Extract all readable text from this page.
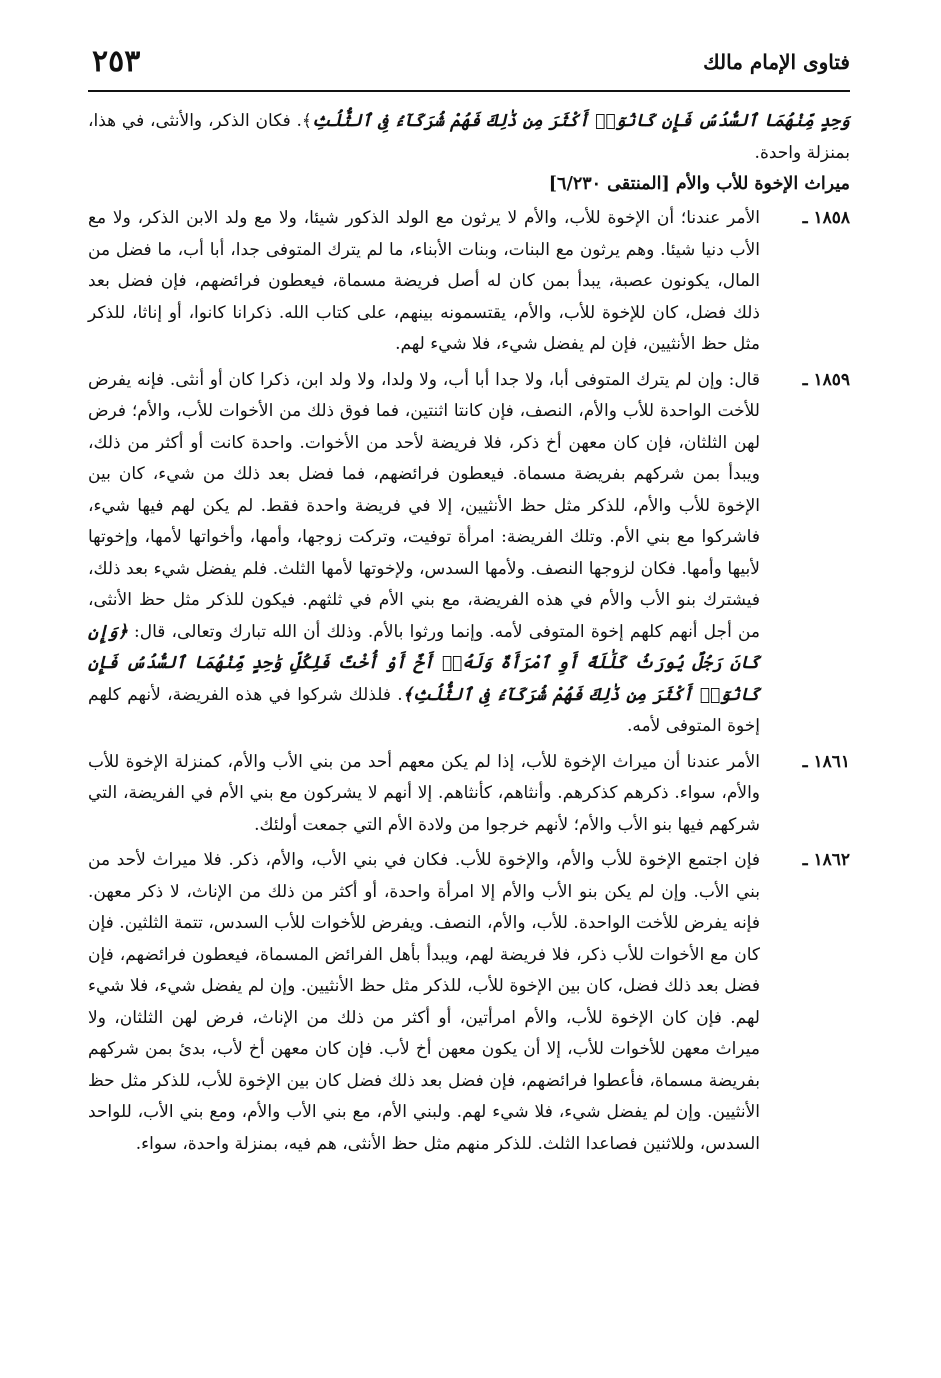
فتاوى الإمام مالك
٢٥٣

وَحِدٍ مِّنْهُمَا ٱلسُّدُسُ فَإِن كَانُوٓا۟ أَكْثَرَ مِن ذَٰلِكَ فَهُمْ شُرَكَآءُ فِى ٱلثُّلُثِ﴾. فكان الذكر، والأنثى، في هذا، بمنزلة واحدة.

ميراث الإخوة للأب والأم [المنتقى ٦/٢٣٠]

١٨٥٨ ـ

الأمر عندنا؛ أن الإخوة للأب، والأم لا يرثون مع الولد الذكور شيئا، ولا مع ولد الابن الذكر، ولا مع الأب دنيا شيئا. وهم يرثون مع البنات، وبنات الأبناء، ما لم يترك المتوفى جدا، أبا أب، ما فضل من المال، يكونون عصبة، يبدأ بمن كان له أصل فريضة مسماة، فيعطون فرائضهم، فإن فضل بعد ذلك فضل، كان للإخوة للأب، والأم، يقتسمونه بينهم، على كتاب الله. ذكرانا كانوا، أو إناثا، للذكر مثل حظ الأنثيين، فإن لم يفضل شيء، فلا شيء لهم.

١٨٥٩ ـ

قال: وإن لم يترك المتوفى أبا، ولا جدا أبا أب، ولا ولدا، ولا ولد ابن، ذكرا كان أو أنثى. فإنه يفرض للأخت الواحدة للأب والأم، النصف، فإن كانتا اثنتين، فما فوق ذلك من الأخوات للأب، والأم؛ فرض لهن الثلثان، فإن كان معهن أخ ذكر، فلا فريضة لأحد من الأخوات. واحدة كانت أو أكثر من ذلك، ويبدأ بمن شركهم بفريضة مسماة. فيعطون فرائضهم، فما فضل بعد ذلك من شيء، كان بين الإخوة للأب والأم، للذكر مثل حظ الأنثيين، إلا في فريضة واحدة فقط. لم يكن لهم فيها شيء، فاشركوا مع بني الأم. وتلك الفريضة: امرأة توفيت، وتركت زوجها، وأمها، وأخواتها لأمها، وإخوتها لأبيها وأمها. فكان لزوجها النصف. ولأمها السدس، ولإخوتها لأمها الثلث. فلم يفضل شيء بعد ذلك، فيشترك بنو الأب والأم في هذه الفريضة، مع بني الأم في ثلثهم. فيكون للذكر مثل حظ الأنثى، من أجل أنهم كلهم إخوة المتوفى لأمه. وإنما ورثوا بالأم. وذلك أن الله تبارك وتعالى، قال: ﴿وَإِن كَانَ رَجُلٌ يُورَثُ كَلَٰلَةً أَوِ ٱمْرَأَةٌ وَلَهُۥٓ أَخٌ أَوْ أُخْتٌ فَلِكُلِّ وَٰحِدٍ مِّنْهُمَا ٱلسُّدُسُ فَإِن كَانُوٓا۟ أَكْثَرَ مِن ذَٰلِكَ فَهُمْ شُرَكَآءُ فِى ٱلثُّلُثِ﴾. فلذلك شركوا في هذه الفريضة، لأنهم كلهم إخوة المتوفى لأمه.

١٨٦١ ـ

الأمر عندنا أن ميراث الإخوة للأب، إذا لم يكن معهم أحد من بني الأب والأم، كمنزلة الإخوة للأب والأم، سواء. ذكرهم كذكرهم. وأنثاهم، كأنثاهم. إلا أنهم لا يشركون مع بني الأم في الفريضة، التي شركهم فيها بنو الأب والأم؛ لأنهم خرجوا من ولادة الأم التي جمعت أولئك.

١٨٦٢ ـ

فإن اجتمع الإخوة للأب والأم، والإخوة للأب. فكان في بني الأب، والأم، ذكر. فلا ميراث لأحد من بني الأب. وإن لم يكن بنو الأب والأم إلا امرأة واحدة، أو أكثر من ذلك من الإناث، لا ذكر معهن. فإنه يفرض للأخت الواحدة. للأب، والأم، النصف. ويفرض للأخوات للأب السدس، تتمة الثلثين. فإن كان مع الأخوات للأب ذكر، فلا فريضة لهم، ويبدأ بأهل الفرائض المسماة، فيعطون فرائضهم، فإن فضل بعد ذلك فضل، كان بين الإخوة للأب، للذكر مثل حظ الأنثيين. وإن لم يفضل شيء، فلا شيء لهم. فإن كان الإخوة للأب، والأم امرأتين، أو أكثر من ذلك من الإناث، فرض لهن الثلثان، ولا ميراث معهن للأخوات للأب، إلا أن يكون معهن أخ لأب. فإن كان معهن أخ لأب، بدئ بمن شركهم بفريضة مسماة، فأعطوا فرائضهم، فإن فضل بعد ذلك فضل كان بين الإخوة للأب، للذكر مثل حظ الأنثيين. وإن لم يفضل شيء، فلا شيء لهم. ولبني الأم، مع بني الأب والأم، ومع بني الأب، للواحد السدس، وللاثنين فصاعدا الثلث. للذكر منهم مثل حظ الأنثى، هم فيه، بمنزلة واحدة، سواء.
